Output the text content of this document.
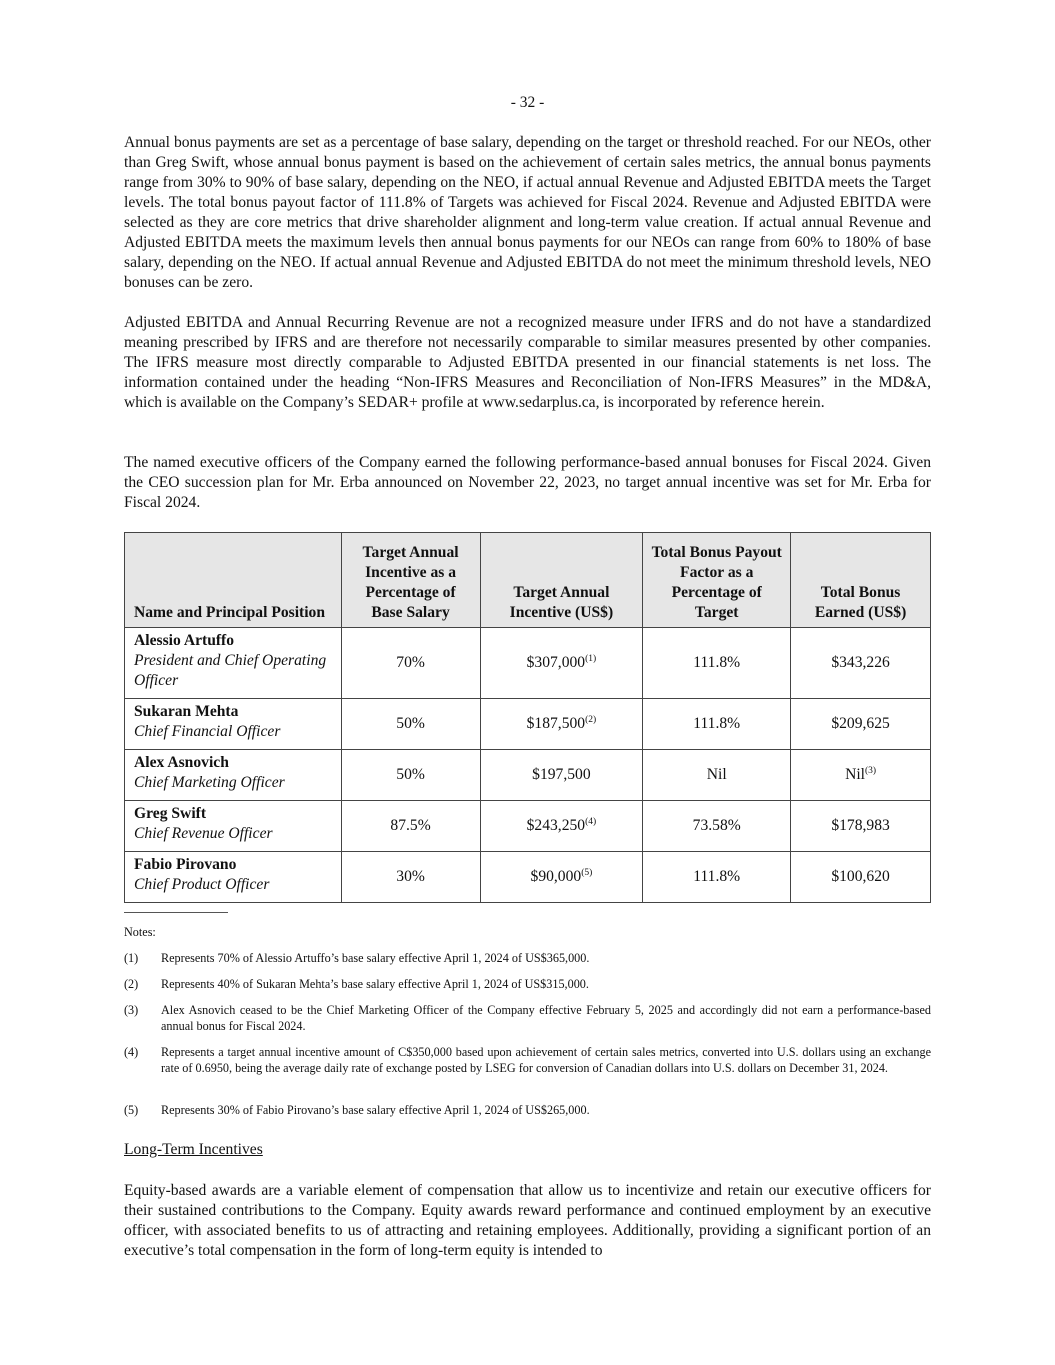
- 32 -

Annual bonus payments are set as a percentage of base salary, depending on the target or threshold reached. For our NEOs, other than Greg Swift, whose annual bonus payment is based on the achievement of certain sales metrics, the annual bonus payments range from 30% to 90% of base salary, depending on the NEO, if actual annual Revenue and Adjusted EBITDA meets the Target levels. The total bonus payout factor of 111.8% of Targets was achieved for Fiscal 2024. Revenue and Adjusted EBITDA were selected as they are core metrics that drive shareholder alignment and long-term value creation. If actual annual Revenue and Adjusted EBITDA meets the maximum levels then annual bonus payments for our NEOs can range from 60% to 180% of base salary, depending on the NEO. If actual annual Revenue and Adjusted EBITDA do not meet the minimum threshold levels, NEO bonuses can be zero.

Adjusted EBITDA and Annual Recurring Revenue are not a recognized measure under IFRS and do not have a standardized meaning prescribed by IFRS and are therefore not necessarily comparable to similar measures presented by other companies. The IFRS measure most directly comparable to Adjusted EBITDA presented in our financial statements is net loss. The information contained under the heading “Non-IFRS Measures and Reconciliation of Non-IFRS Measures” in the MD&A, which is available on the Company’s SEDAR+ profile at www.sedarplus.ca, is incorporated by reference herein.

The named executive officers of the Company earned the following performance-based annual bonuses for Fiscal 2024. Given the CEO succession plan for Mr. Erba announced on November 22, 2023, no target annual incentive was set for Mr. Erba for Fiscal 2024.

Name and Principal Position	Target Annual Incentive as a Percentage of Base Salary	Target Annual Incentive (US$)	Total Bonus Payout Factor as a Percentage of Target	Total Bonus Earned (US$)

Alessio Artuffo
President and Chief Operating Officer	70%	$307,000$^{(1)}$	111.8%	$343,226

Sukaran Mehta
Chief Financial Officer	50%	$187,500$^{(2)}$	111.8%	$209,625

Alex Asnovich
Chief Marketing Officer	50%	$197,500	Nil	Nil$^{(3)}$

Greg Swift
Chief Revenue Officer	87.5%	$243,250$^{(4)}$	73.58%	$178,983

Fabio Pirovano
Chief Product Officer	30%	$90,000$^{(5)}$	111.8%	$100,620
Notes:
(1) Represents 70% of Alessio Artuffo’s base salary effective April 1, 2024 of US$365,000.
(2) Represents 40% of Sukaran Mehta’s base salary effective April 1, 2024 of US$315,000.
(3) Alex Asnovich ceased to be the Chief Marketing Officer of the Company effective February 5, 2025 and accordingly did not earn a performance-based annual bonus for Fiscal 2024.
(4) Represents a target annual incentive amount of C$350,000 based upon achievement of certain sales metrics, converted into U.S. dollars using an exchange rate of 0.6950, being the average daily rate of exchange posted by LSEG for conversion of Canadian dollars into U.S. dollars on December 31, 2024.
(5) Represents 30% of Fabio Pirovano’s base salary effective April 1, 2024 of US$265,000.
Long-Term Incentives

Equity-based awards are a variable element of compensation that allow us to incentivize and retain our executive officers for their sustained contributions to the Company. Equity awards reward performance and continued employment by an executive officer, with associated benefits to us of attracting and retaining employees. Additionally, providing a significant portion of an executive’s total compensation in the form of long-term equity is intended to
